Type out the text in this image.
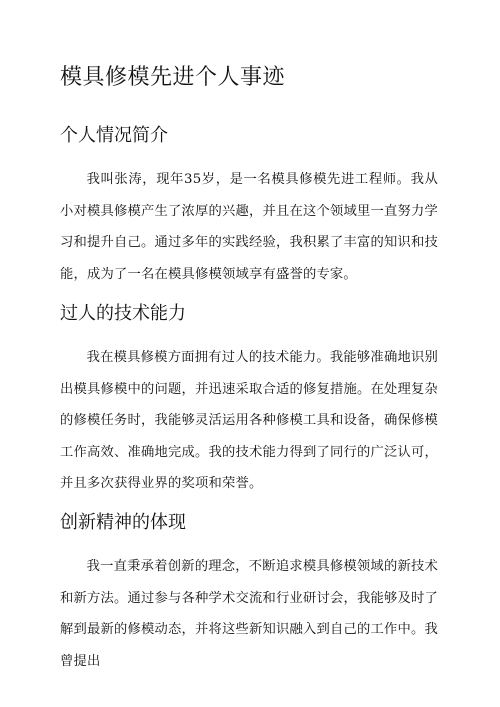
模具修模先进个人事迹
个人情况简介

我叫张涛，现年35岁，是一名模具修模先进工程师。我从小对模具修模产生了浓厚的兴趣，并且在这个领域里一直努力学习和提升自己。通过多年的实践经验，我积累了丰富的知识和技能，成为了一名在模具修模领域享有盛誉的专家。

过人的技术能力

我在模具修模方面拥有过人的技术能力。我能够准确地识别出模具修模中的问题，并迅速采取合适的修复措施。在处理复杂的修模任务时，我能够灵活运用各种修模工具和设备，确保修模工作高效、准确地完成。我的技术能力得到了同行的广泛认可，并且多次获得业界的奖项和荣誉。

创新精神的体现

我一直秉承着创新的理念，不断追求模具修模领域的新技术和新方法。通过参与各种学术交流和行业研讨会，我能够及时了解到最新的修模动态，并将这些新知识融入到自己的工作中。我曾提出
